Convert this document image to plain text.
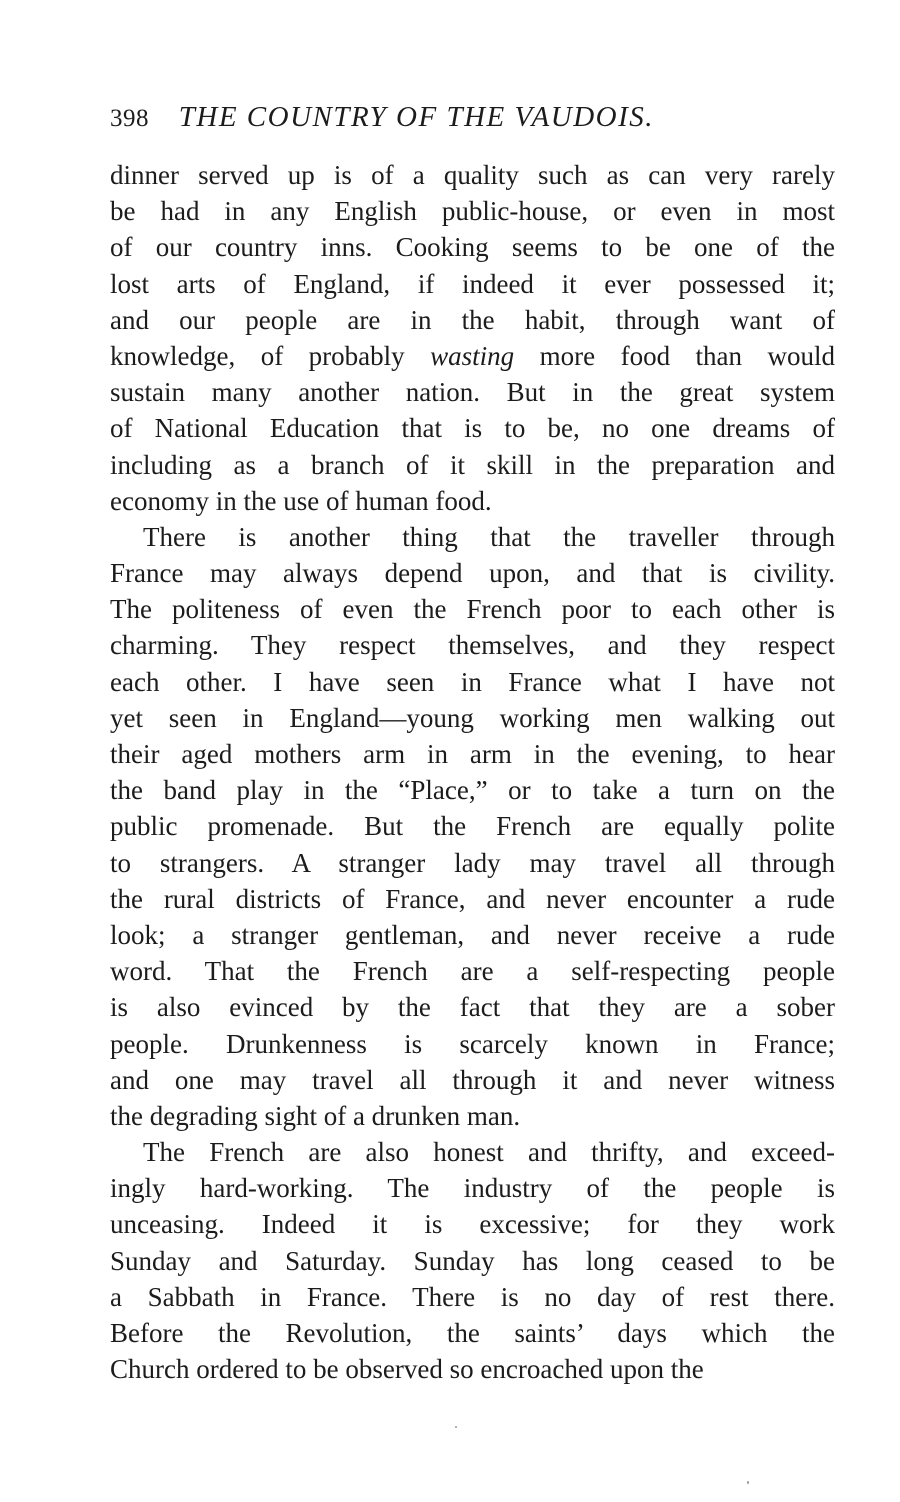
398 THE COUNTRY OF THE VAUDOIS.
dinner served up is of a quality such as can very rarely
be had in any English public-house, or even in most
of our country inns. Cooking seems to be one of the
lost arts of England, if indeed it ever possessed it;
and our people are in the habit, through want of
knowledge, of probably wasting more food than would
sustain many another nation. But in the great system
of National Education that is to be, no one dreams of
including as a branch of it skill in the preparation and
economy in the use of human food.
There is another thing that the traveller through
France may always depend upon, and that is civility.
The politeness of even the French poor to each other is
charming. They respect themselves, and they respect
each other. I have seen in France what I have not
yet seen in England—young working men walking out
their aged mothers arm in arm in the evening, to hear
the band play in the “Place,” or to take a turn on the
public promenade. But the French are equally polite
to strangers. A stranger lady may travel all through
the rural districts of France, and never encounter a rude
look; a stranger gentleman, and never receive a rude
word. That the French are a self-respecting people
is also evinced by the fact that they are a sober
people. Drunkenness is scarcely known in France;
and one may travel all through it and never witness
the degrading sight of a drunken man.
The French are also honest and thrifty, and exceed-
ingly hard-working. The industry of the people is
unceasing. Indeed it is excessive; for they work
Sunday and Saturday. Sunday has long ceased to be
a Sabbath in France. There is no day of rest there.
Before the Revolution, the saints’ days which the
Church ordered to be observed so encroached upon the
